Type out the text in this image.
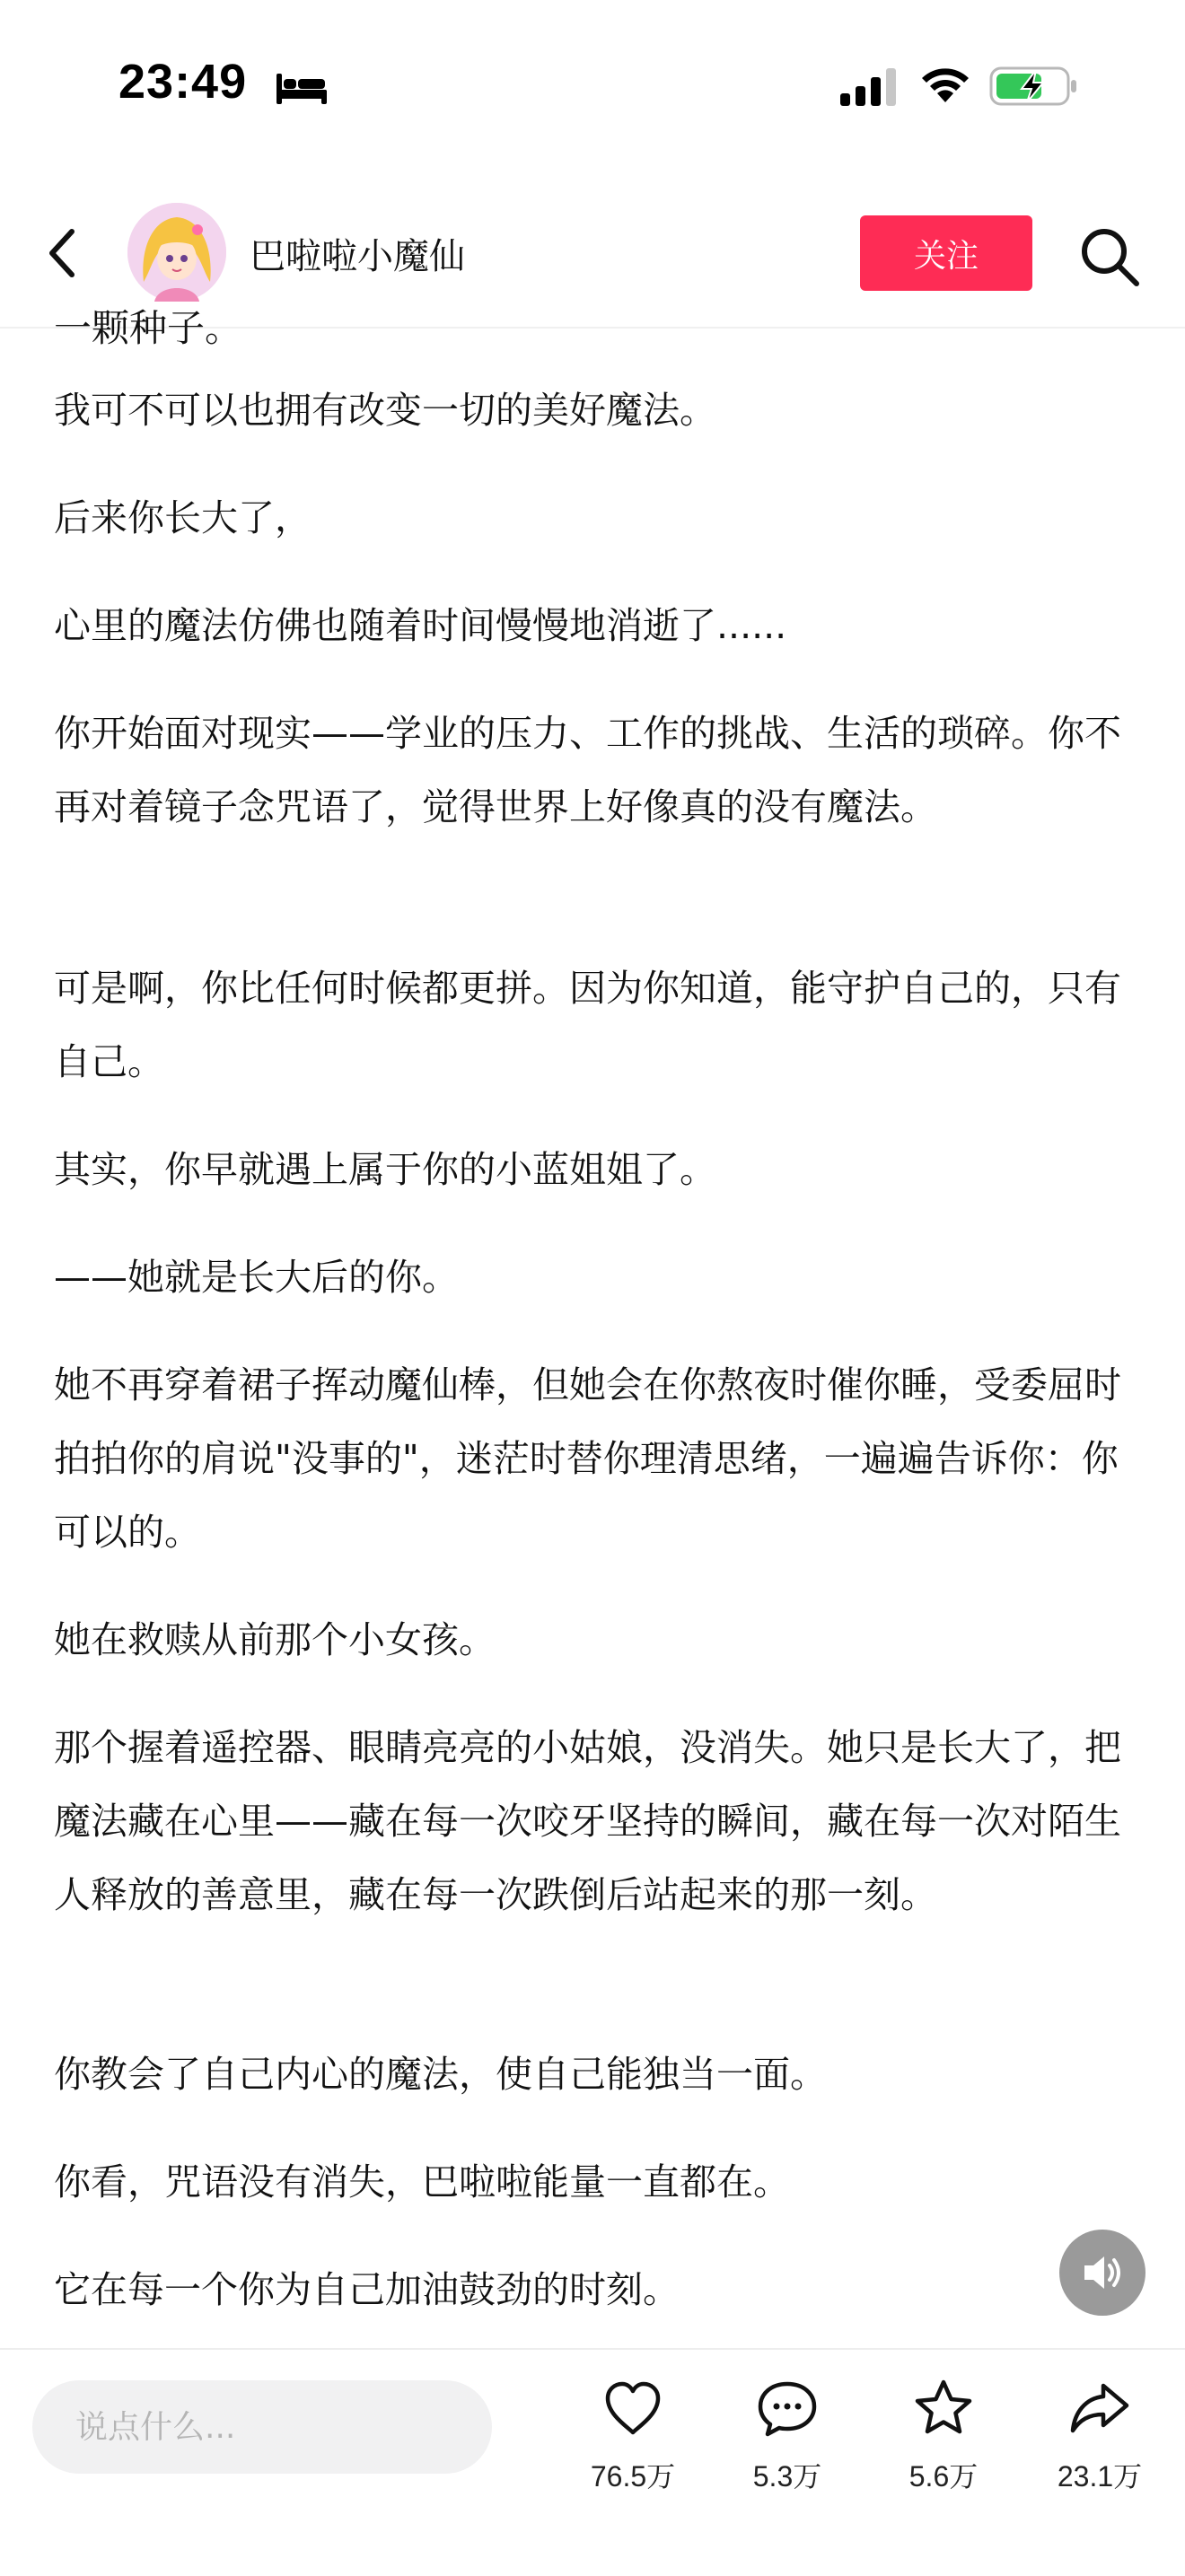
23:49
巴啦啦小魔仙	关注
一颗种子。

我可不可以也拥有改变一切的美好魔法。

后来你长大了，

心里的魔法仿佛也随着时间慢慢地消逝了......

你开始面对现实——学业的压力、工作的挑战、生活的琐碎。你不再对着镜子念咒语了，觉得世界上好像真的没有魔法。

可是啊，你比任何时候都更拼。因为你知道，能守护自己的，只有自己。

其实，你早就遇上属于你的小蓝姐姐了。

——她就是长大后的你。

她不再穿着裙子挥动魔仙棒，但她会在你熬夜时催你睡，受委屈时拍拍你的肩说"没事的"，迷茫时替你理清思绪，一遍遍告诉你：你可以的。

她在救赎从前那个小女孩。

那个握着遥控器、眼睛亮亮的小姑娘，没消失。她只是长大了，把魔法藏在心里——藏在每一次咬牙坚持的瞬间，藏在每一次对陌生人释放的善意里，藏在每一次跌倒后站起来的那一刻。

你教会了自己内心的魔法，使自己能独当一面。

你看，咒语没有消失，巴啦啦能量一直都在。

它在每一个你为自己加油鼓劲的时刻。

说点什么...
76.5万	5.3万	5.6万	23.1万
